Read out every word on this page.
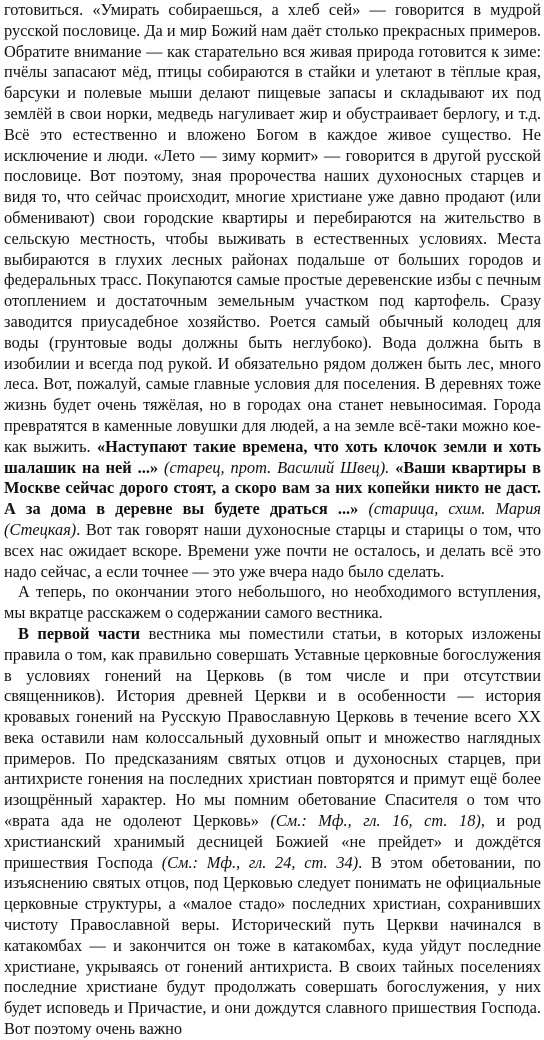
готовиться. «Умирать собираешься, а хлеб сей» — говорится в мудрой русской пословице. Да и мир Божий нам даёт столько прекрасных примеров. Обратите внимание — как старательно вся живая природа готовится к зиме: пчёлы запасают мёд, птицы собираются в стайки и улетают в тёплые края, барсуки и полевые мыши делают пищевые запасы и складывают их под землёй в свои норки, медведь нагуливает жир и обустраивает берлогу, и т.д. Всё это естественно и вложено Богом в каждое живое существо. Не исключение и люди. «Лето — зиму кормит» — говорится в другой русской пословице. Вот поэтому, зная пророчества наших духоносных старцев и видя то, что сейчас происходит, многие христиане уже давно продают (или обменивают) свои городские квартиры и перебираются на жительство в сельскую местность, чтобы выживать в естественных условиях. Места выбираются в глухих лесных районах подальше от больших городов и федеральных трасс. Покупаются самые простые деревенские избы с печным отоплением и достаточным земельным участком под картофель. Сразу заводится приусадебное хозяйство. Роется самый обычный колодец для воды (грунтовые воды должны быть неглубоко). Вода должна быть в изобилии и всегда под рукой. И обязательно рядом должен быть лес, много леса. Вот, пожалуй, самые главные условия для поселения. В деревнях тоже жизнь будет очень тяжёлая, но в городах она станет невыносимая. Города превратятся в каменные ловушки для людей, а на земле всё-таки можно кое-как выжить. «Наступают такие времена, что хоть клочок земли и хоть шалашик на ней ...» (старец, прот. Василий Швец). «Ваши квартиры в Москве сейчас дорого стоят, а скоро вам за них копейки никто не даст. А за дома в деревне вы будете драться ...» (старица, схим. Мария (Стецкая). Вот так говорят наши духоносные старцы и старицы о том, что всех нас ожидает вскоре. Времени уже почти не осталось, и делать всё это надо сейчас, а если точнее — это уже вчера надо было сделать.

А теперь, по окончании этого небольшого, но необходимого вступления, мы вкратце расскажем о содержании самого вестника.

В первой части вестника мы поместили статьи, в которых изложены правила о том, как правильно совершать Уставные церковные богослужения в условиях гонений на Церковь (в том числе и при отсутствии священников). История древней Церкви и в особенности — история кровавых гонений на Русскую Православную Церковь в течение всего XX века оставили нам колоссальный духовный опыт и множество наглядных примеров. По предсказаниям святых отцов и духоносных старцев, при антихристе гонения на последних христиан повторятся и примут ещё более изощрённый характер. Но мы помним обетование Спасителя о том что «врата ада не одолеют Церковь» (См.: Мф., гл. 16, ст. 18), и род христианский хранимый десницей Божией «не прейдет» и дождётся пришествия Господа (См.: Мф., гл. 24, ст. 34). В этом обетовании, по изъяснению святых отцов, под Церковью следует понимать не официальные церковные структуры, а «малое стадо» последних христиан, сохранивших чистоту Православной веры. Исторический путь Церкви начинался в катакомбах — и закончится он тоже в катакомбах, куда уйдут последние христиане, укрываясь от гонений антихриста. В своих тайных поселениях последние христиане будут продолжать совершать богослужения, у них будет исповедь и Причастие, и они дождутся славного пришествия Господа. Вот поэтому очень важно
